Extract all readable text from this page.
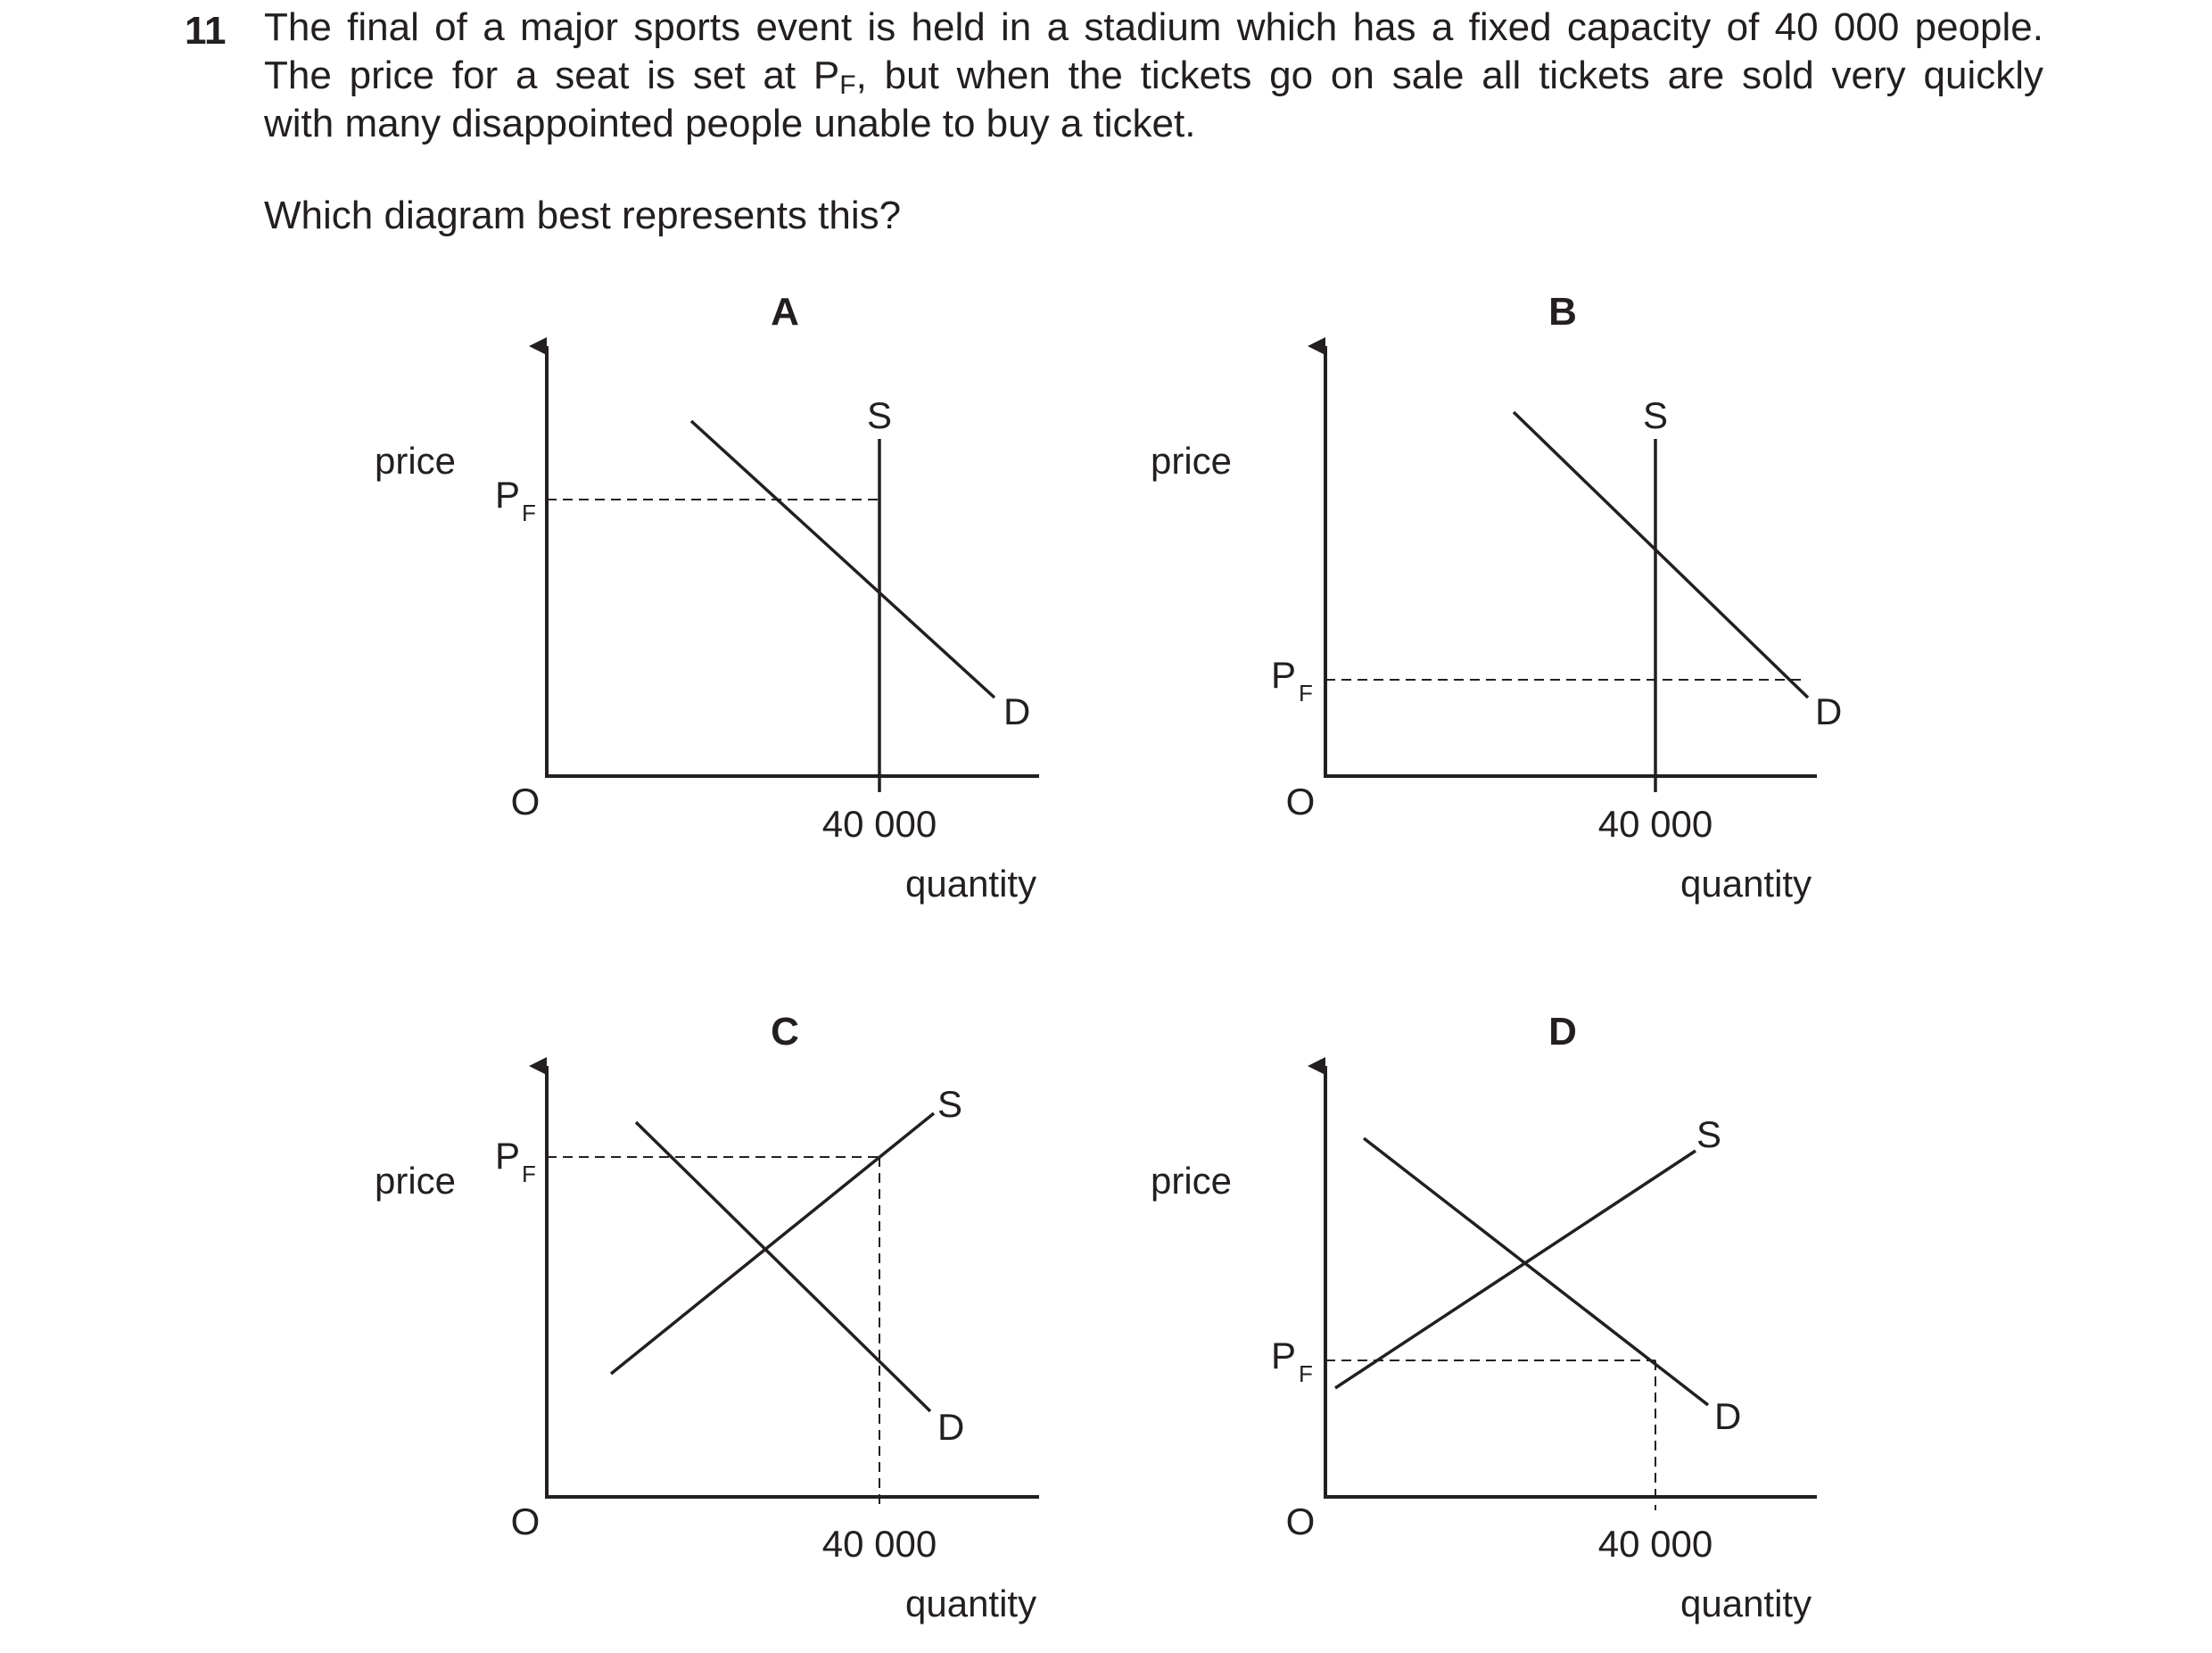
11 The final of a major sports event is held in a stadium which has a fixed capacity of 40 000 people.
The price for a seat is set at $P_F$, but when the tickets go on sale all tickets are sold very quickly
with many disappointed people unable to buy a ticket.
Which diagram best represents this?
A
S
D
price
P F
O
40 000
quantity
B
S
D
price
P F
O
40 000
quantity
C
S
D
price
P F
O
40 000
quantity
D
S
D
price
P F
O
40 000
quantity
